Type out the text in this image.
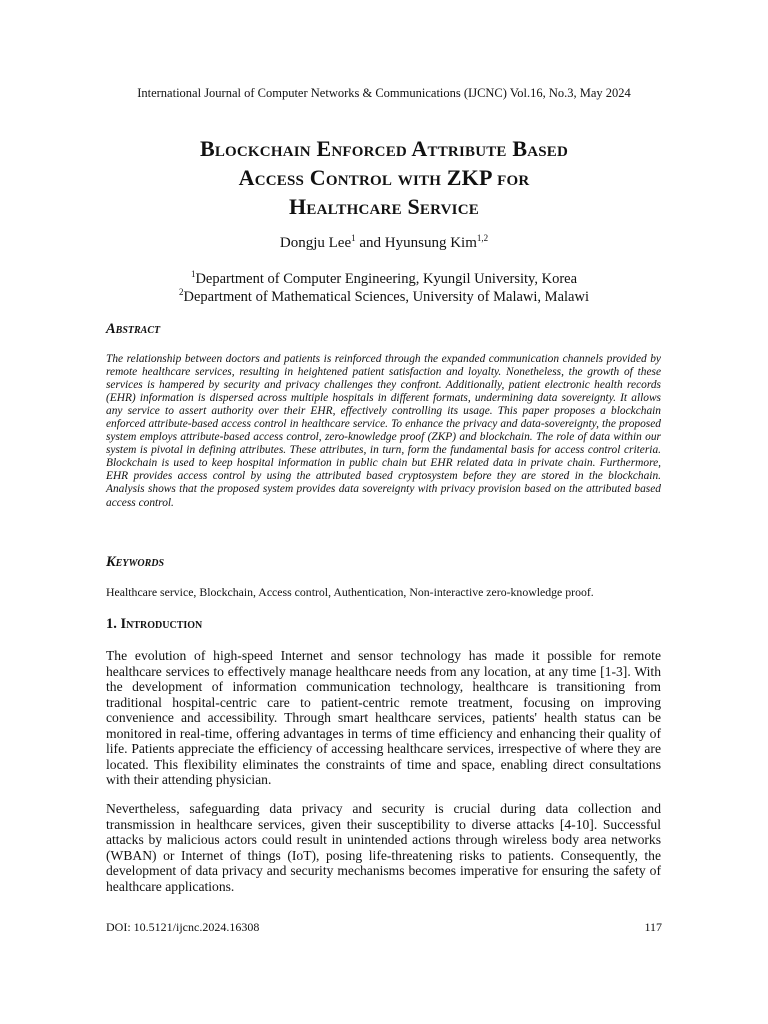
International Journal of Computer Networks & Communications (IJCNC) Vol.16, No.3, May 2024
Blockchain Enforced Attribute Based
Access Control with ZKP for
Healthcare Service
Dongju Lee$^1$ and Hyunsung Kim$^{1,2}$
$^1$Department of Computer Engineering, Kyungil University, Korea
$^2$Department of Mathematical Sciences, University of Malawi, Malawi
Abstract
The relationship between doctors and patients is reinforced through the expanded communication channels provided by remote healthcare services, resulting in heightened patient satisfaction and loyalty. Nonetheless, the growth of these services is hampered by security and privacy challenges they confront. Additionally, patient electronic health records (EHR) information is dispersed across multiple hospitals in different formats, undermining data sovereignty. It allows any service to assert authority over their EHR, effectively controlling its usage. This paper proposes a blockchain enforced attribute-based access control in healthcare service. To enhance the privacy and data-sovereignty, the proposed system employs attribute-based access control, zero-knowledge proof (ZKP) and blockchain. The role of data within our system is pivotal in defining attributes. These attributes, in turn, form the fundamental basis for access control criteria. Blockchain is used to keep hospital information in public chain but EHR related data in private chain. Furthermore, EHR provides access control by using the attributed based cryptosystem before they are stored in the blockchain. Analysis shows that the proposed system provides data sovereignty with privacy provision based on the attributed based access control.
Keywords
Healthcare service, Blockchain, Access control, Authentication, Non-interactive zero-knowledge proof.
1. Introduction
The evolution of high-speed Internet and sensor technology has made it possible for remote healthcare services to effectively manage healthcare needs from any location, at any time [1-3]. With the development of information communication technology, healthcare is transitioning from traditional hospital-centric care to patient-centric remote treatment, focusing on improving convenience and accessibility. Through smart healthcare services, patients' health status can be monitored in real-time, offering advantages in terms of time efficiency and enhancing their quality of life. Patients appreciate the efficiency of accessing healthcare services, irrespective of where they are located. This flexibility eliminates the constraints of time and space, enabling direct consultations with their attending physician.
Nevertheless, safeguarding data privacy and security is crucial during data collection and transmission in healthcare services, given their susceptibility to diverse attacks [4-10]. Successful attacks by malicious actors could result in unintended actions through wireless body area networks (WBAN) or Internet of things (IoT), posing life-threatening risks to patients. Consequently, the development of data privacy and security mechanisms becomes imperative for ensuring the safety of healthcare applications.
DOI: 10.5121/ijcnc.2024.16308	117
